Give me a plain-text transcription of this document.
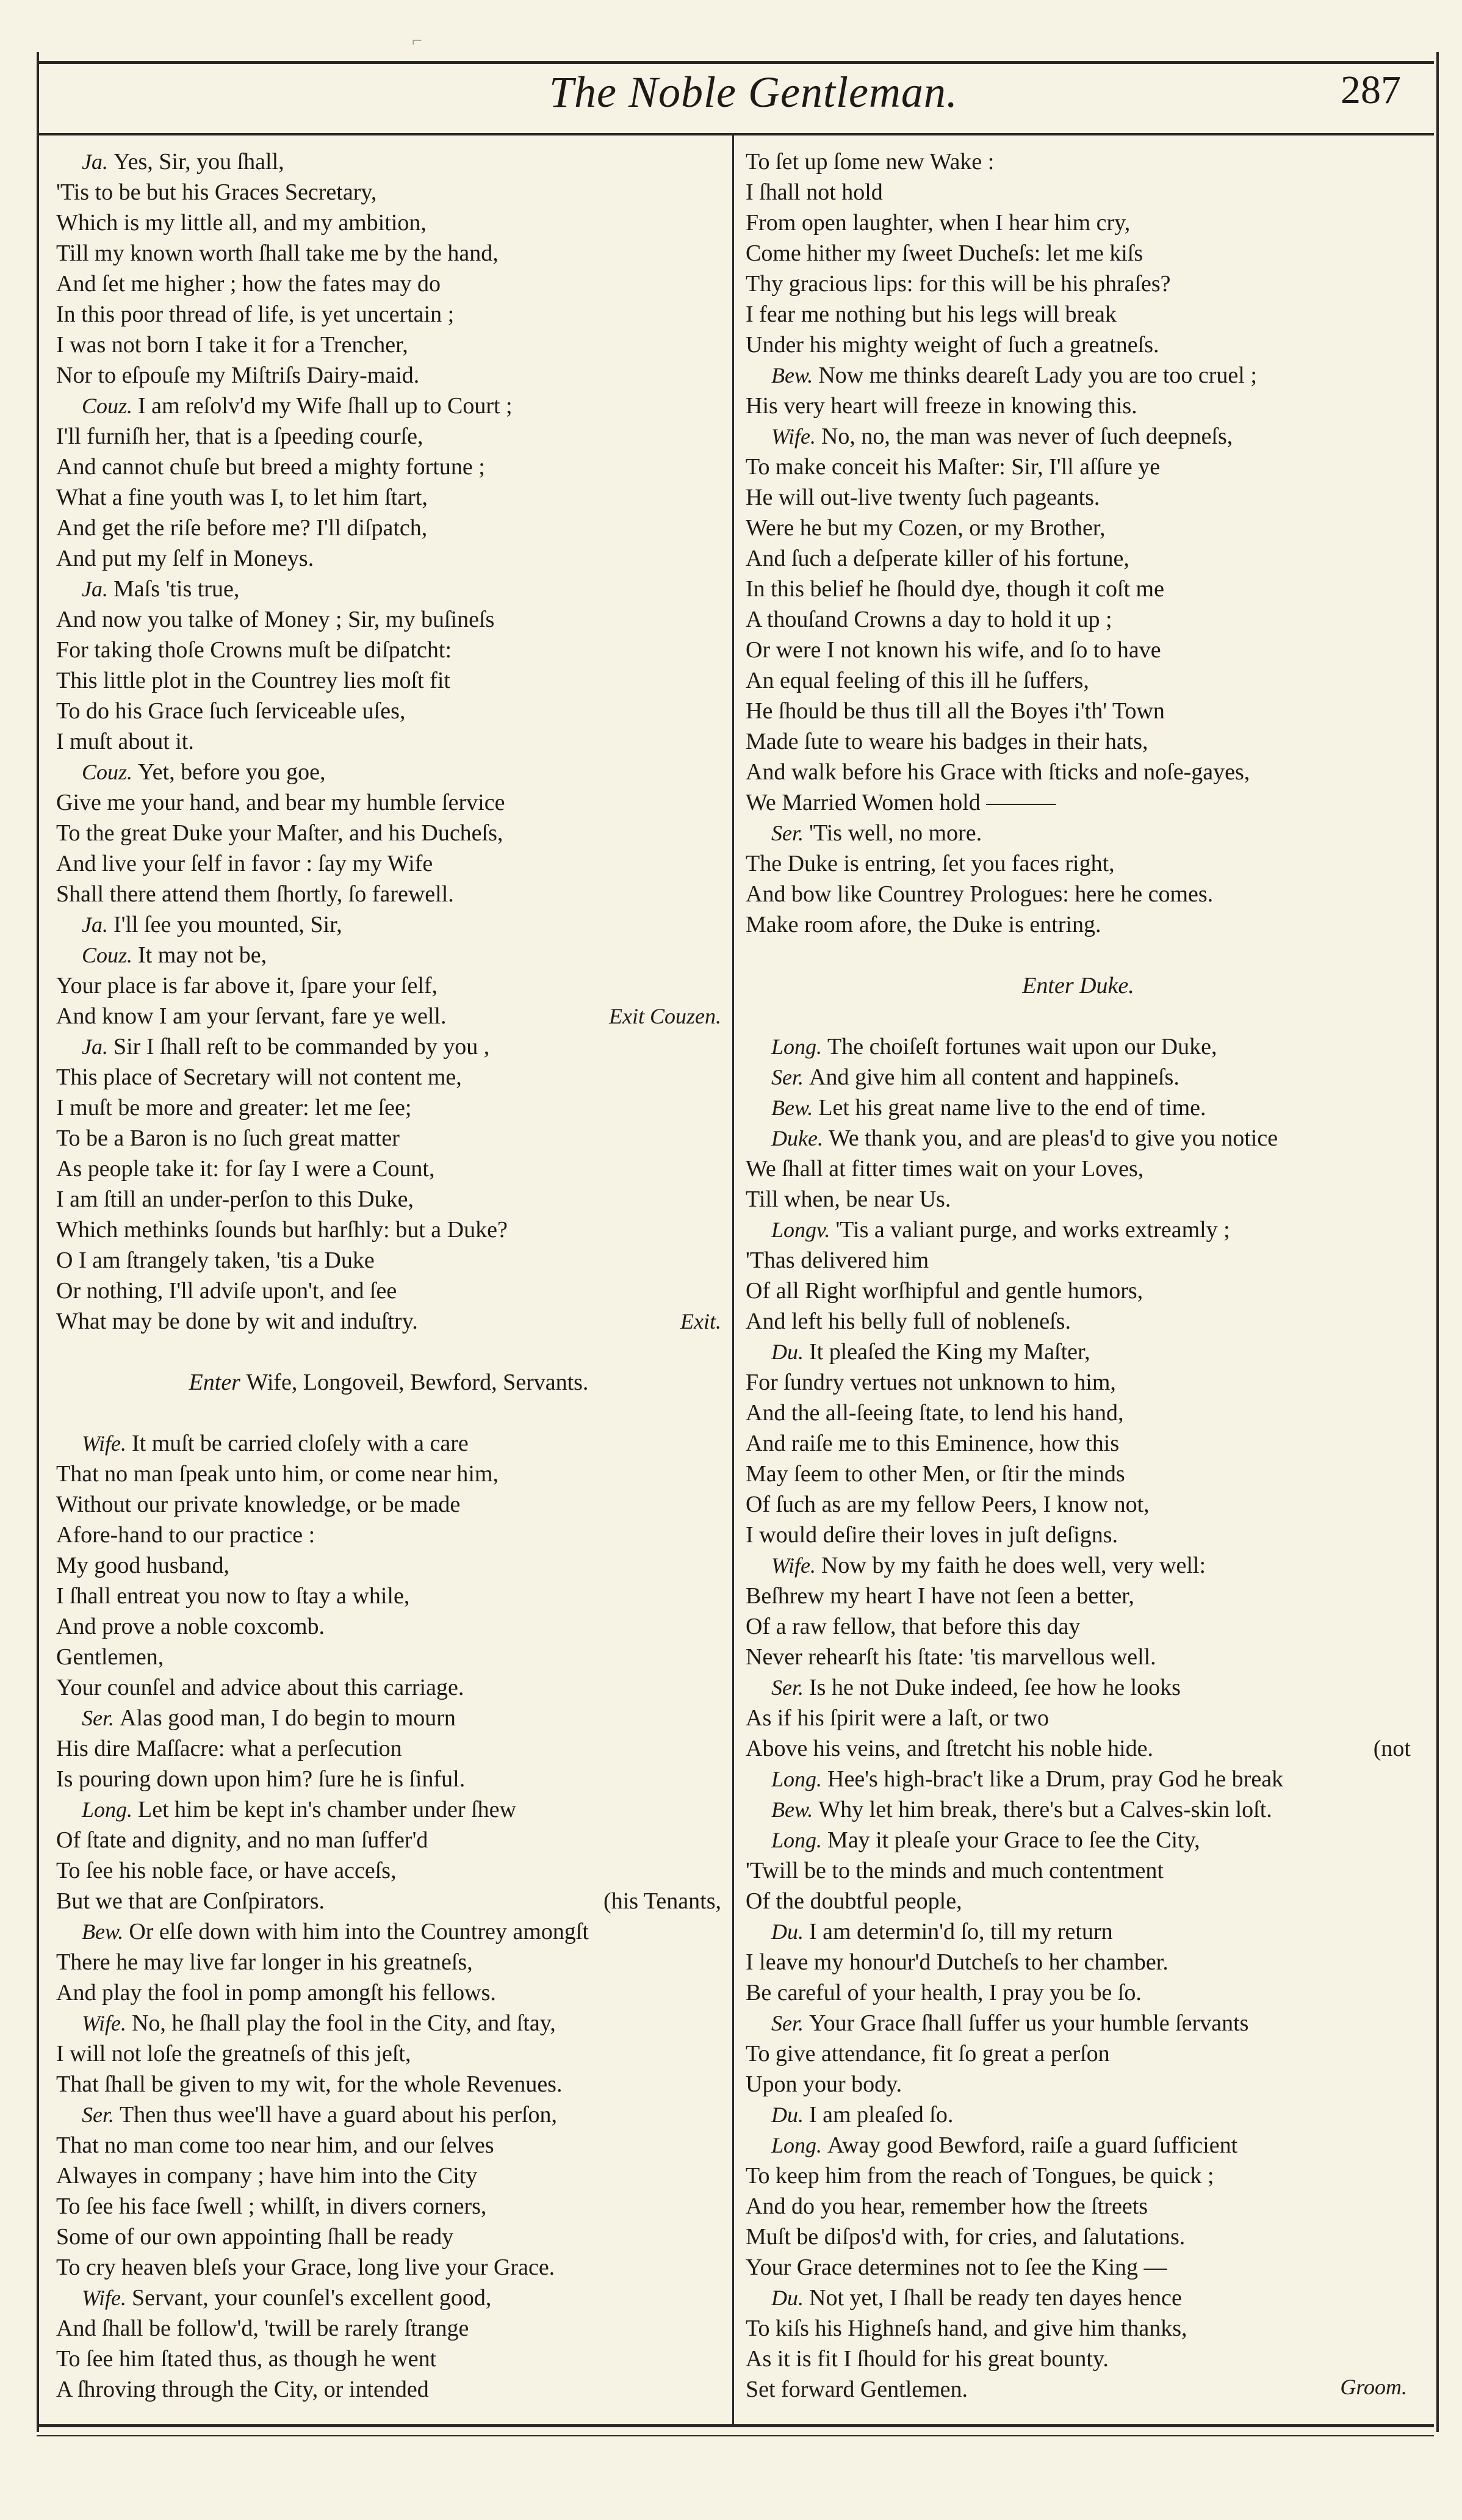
⌐
The Noble Gentleman.	287
Ja. Yes, Sir, you ſhall,
'Tis to be but his Graces Secretary,
Which is my little all, and my ambition,
Till my known worth ſhall take me by the hand,
And ſet me higher ; how the fates may do
In this poor thread of life, is yet uncertain ;
I was not born I take it for a Trencher,
Nor to eſpouſe my Miſtriſs Dairy-maid.
Couz. I am reſolv'd my Wife ſhall up to Court ;
I'll furniſh her, that is a ſpeeding courſe,
And cannot chuſe but breed a mighty fortune ;
What a fine youth was I, to let him ſtart,
And get the riſe before me? I'll diſpatch,
And put my ſelf in Moneys.
Ja. Maſs 'tis true,
And now you talke of Money ; Sir, my buſineſs
For taking thoſe Crowns muſt be diſpatcht:
This little plot in the Countrey lies moſt fit
To do his Grace ſuch ſerviceable uſes,
I muſt about it.
Couz. Yet, before you goe,
Give me your hand, and bear my humble ſervice
To the great Duke your Maſter, and his Ducheſs,
And live your ſelf in favor : ſay my Wife
Shall there attend them ſhortly, ſo farewell.
Ja. I'll ſee you mounted, Sir,
Couz. It may not be,
Your place is far above it, ſpare your ſelf,
And know I am your ſervant, fare ye well.	Exit Couzen.
Ja. Sir I ſhall reſt to be commanded by you ,
This place of Secretary will not content me,
I muſt be more and greater: let me ſee;
To be a Baron is no ſuch great matter
As people take it: for ſay I were a Count,
I am ſtill an under-perſon to this Duke,
Which methinks ſounds but harſhly: but a Duke?
O I am ſtrangely taken, 'tis a Duke
Or nothing, I'll adviſe upon't, and ſee
What may be done by wit and induſtry.	Exit.
Enter Wife, Longoveil, Bewford, Servants.
Wife. It muſt be carried cloſely with a care
That no man ſpeak unto him, or come near him,
Without our private knowledge, or be made
Afore-hand to our practice :
My good husband,
I ſhall entreat you now to ſtay a while,
And prove a noble coxcomb.
Gentlemen,
Your counſel and advice about this carriage.
Ser. Alas good man, I do begin to mourn
His dire Maſſacre: what a perſecution
Is pouring down upon him? ſure he is ſinful.
Long. Let him be kept in's chamber under ſhew
Of ſtate and dignity, and no man ſuffer'd
To ſee his noble face, or have acceſs,
But we that are Conſpirators.	(his Tenants,
Bew. Or elſe down with him into the Countrey amongſt
There he may live far longer in his greatneſs,
And play the fool in pomp amongſt his fellows.
Wife. No, he ſhall play the fool in the City, and ſtay,
I will not loſe the greatneſs of this jeſt,
That ſhall be given to my wit, for the whole Revenues.
Ser. Then thus wee'll have a guard about his perſon,
That no man come too near him, and our ſelves
Alwayes in company ; have him into the City
To ſee his face ſwell ; whilſt, in divers corners,
Some of our own appointing ſhall be ready
To cry heaven bleſs your Grace, long live your Grace.
Wife. Servant, your counſel's excellent good,
And ſhall be follow'd, 'twill be rarely ſtrange
To ſee him ſtated thus, as though he went
A ſhroving through the City, or intended
To ſet up ſome new Wake :
I ſhall not hold
From open laughter, when I hear him cry,
Come hither my ſweet Ducheſs: let me kiſs
Thy gracious lips: for this will be his phraſes?
I fear me nothing but his legs will break
Under his mighty weight of ſuch a greatneſs.
Bew. Now me thinks deareſt Lady you are too cruel ;
His very heart will freeze in knowing this.
Wife. No, no, the man was never of ſuch deepneſs,
To make conceit his Maſter: Sir, I'll aſſure ye
He will out-live twenty ſuch pageants.
Were he but my Cozen, or my Brother,
And ſuch a deſperate killer of his fortune,
In this belief he ſhould dye, though it coſt me
A thouſand Crowns a day to hold it up ;
Or were I not known his wife, and ſo to have
An equal feeling of this ill he ſuffers,
He ſhould be thus till all the Boyes i'th' Town
Made ſute to weare his badges in their hats,
And walk before his Grace with ſticks and noſe-gayes,
We Married Women hold ———
Ser. 'Tis well, no more.
The Duke is entring, ſet you faces right,
And bow like Countrey Prologues: here he comes.
Make room afore, the Duke is entring.
Enter Duke.
Long. The choiſeſt fortunes wait upon our Duke,
Ser. And give him all content and happineſs.
Bew. Let his great name live to the end of time.
Duke. We thank you, and are pleas'd to give you notice
We ſhall at fitter times wait on your Loves,
Till when, be near Us.
Longv. 'Tis a valiant purge, and works extreamly ;
'Thas delivered him
Of all Right worſhipful and gentle humors,
And left his belly full of nobleneſs.
Du. It pleaſed the King my Maſter,
For ſundry vertues not unknown to him,
And the all-ſeeing ſtate, to lend his hand,
And raiſe me to this Eminence, how this
May ſeem to other Men, or ſtir the minds
Of ſuch as are my fellow Peers, I know not,
I would deſire their loves in juſt deſigns.
Wife. Now by my faith he does well, very well:
Beſhrew my heart I have not ſeen a better,
Of a raw fellow, that before this day
Never rehearſt his ſtate: 'tis marvellous well.
Ser. Is he not Duke indeed, ſee how he looks
As if his ſpirit were a laſt, or two
Above his veins, and ſtretcht his noble hide.	(not
Long. Hee's high-brac't like a Drum, pray God he break
Bew. Why let him break, there's but a Calves-skin loſt.
Long. May it pleaſe your Grace to ſee the City,
'Twill be to the minds and much contentment
Of the doubtful people,
Du. I am determin'd ſo, till my return
I leave my honour'd Dutcheſs to her chamber.
Be careful of your health, I pray you be ſo.
Ser. Your Grace ſhall ſuffer us your humble ſervants
To give attendance, fit ſo great a perſon
Upon your body.
Du. I am pleaſed ſo.
Long. Away good Bewford, raiſe a guard ſufficient
To keep him from the reach of Tongues, be quick ;
And do you hear, remember how the ſtreets
Muſt be diſpos'd with, for cries, and ſalutations.
Your Grace determines not to ſee the King —
Du. Not yet, I ſhall be ready ten dayes hence
To kiſs his Highneſs hand, and give him thanks,
As it is fit I ſhould for his great bounty.
Set forward Gentlemen.	Groom.
